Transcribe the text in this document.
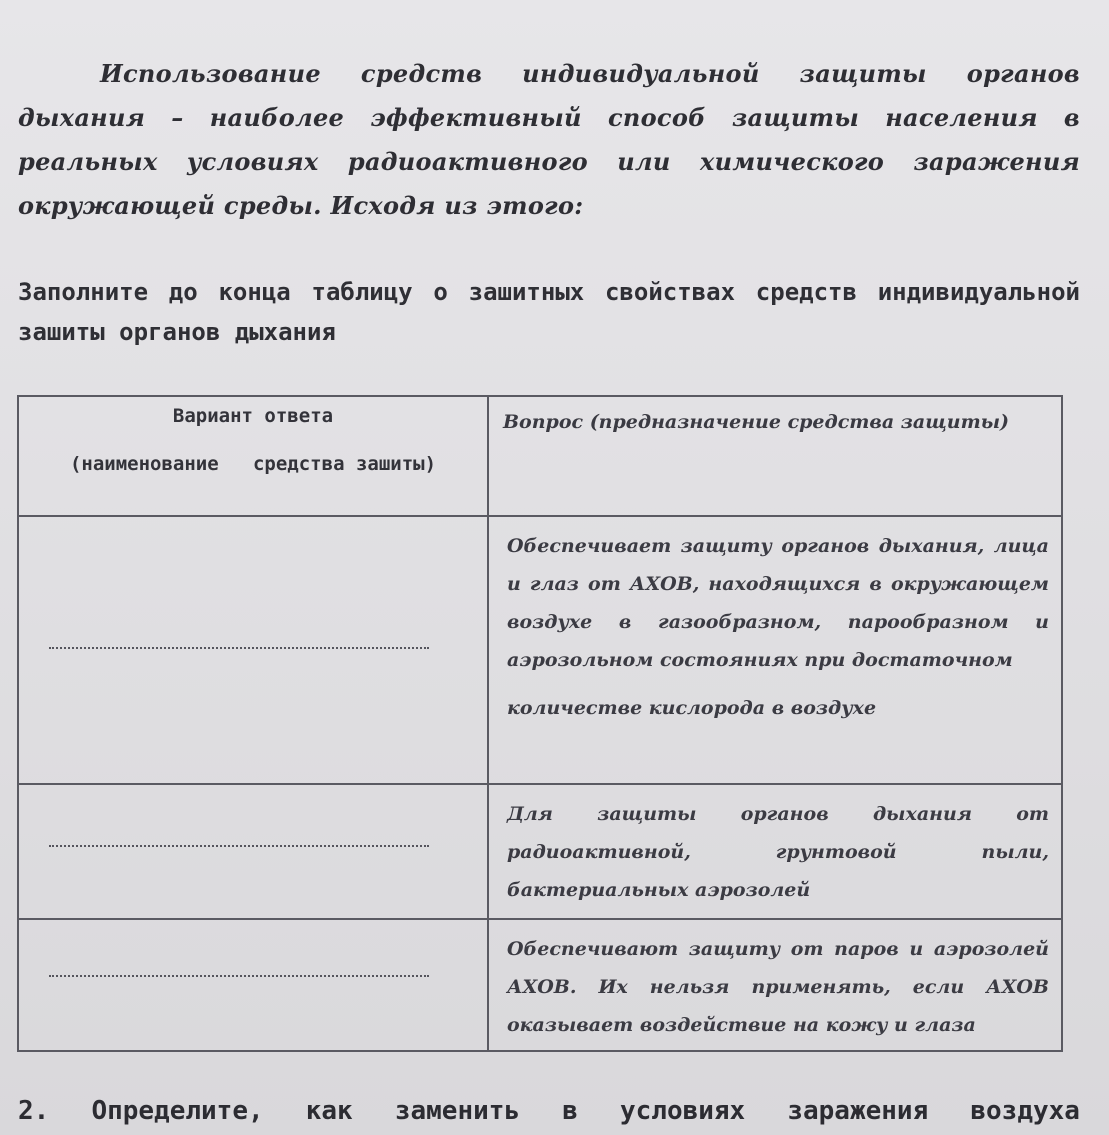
Использование средств индивидуальной защиты органов дыхания – наиболее эффективный способ защиты населения в реальных условиях радиоактивного или химического заражения окружающей среды. Исходя из этого:
Заполните до конца таблицу о зашитных свойствах средств индивидуальной зашиты органов дыхания
Вариант ответа
(наименование   средства зашиты)	Вопрос (предназначение средства защиты)

	Обеспечивает защиту органов дыхания, лица и глаз от АХОВ, находящихся в окружающем воздухе в газообразном, парообразном и аэрозольном состояниях при достаточном
количестве кислорода в воздухе

	Для защиты органов дыхания от радиоактивной, грунтовой пыли, бактериальных аэрозолей

	Обеспечивают защиту от паров и аэрозолей АХОВ. Их нельзя применять, если АХОВ оказывает воздействие на кожу и глаза
2. Определите, как заменить в условиях заражения воздуха
